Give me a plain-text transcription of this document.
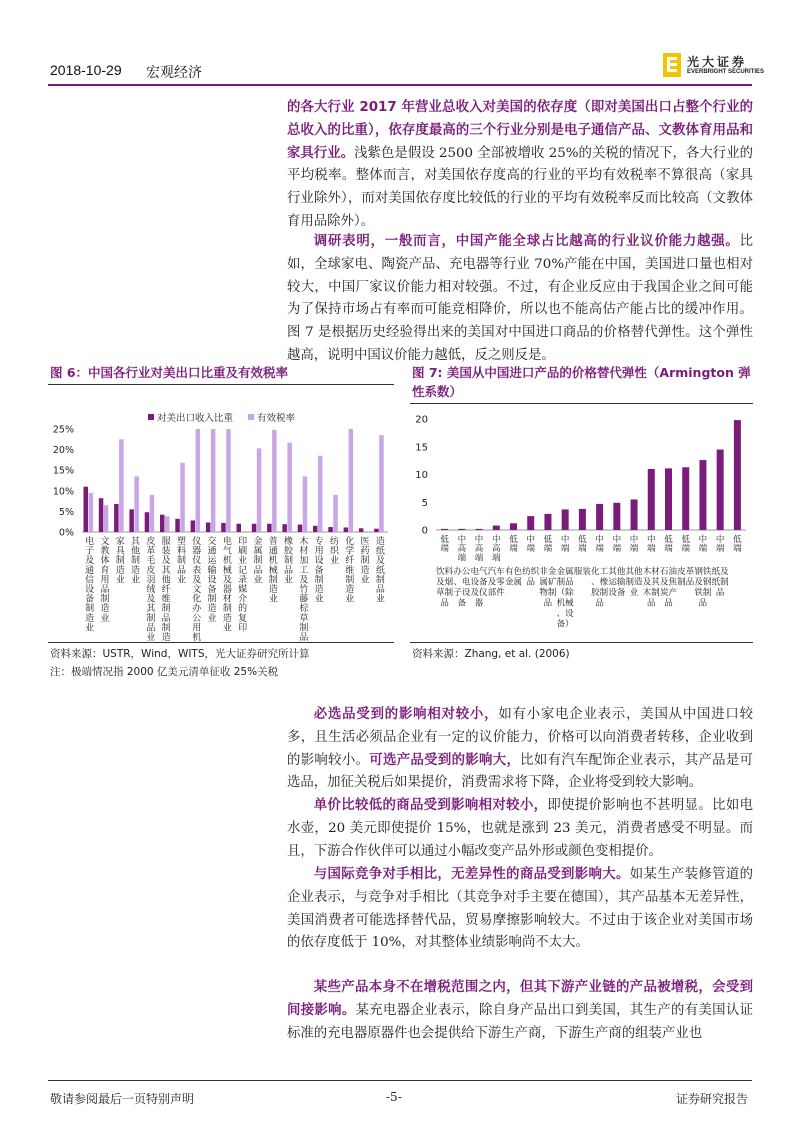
2018-10-29 宏观经济
光大证券
EVERBRIGHT SECURITIES

的各大行业 2017 年营业总收入对美国的依存度（即对美国出口占整个行业的总收入的比重），依存度最高的三个行业分别是电子通信产品、文教体育用品和家具行业。浅紫色是假设 2500 全部被增收 25%的关税的情况下，各大行业的平均税率。整体而言，对美国依存度高的行业的平均有效税率不算很高（家具行业除外），而对美国依存度比较低的行业的平均有效税率反而比较高（文教体育用品除外）。

调研表明，一般而言，中国产能全球占比越高的行业议价能力越强。比如，全球家电、陶瓷产品、充电器等行业 70%产能在中国，美国进口量也相对较大，中国厂家议价能力相对较强。不过，有企业反应由于我国企业之间可能为了保持市场占有率而可能竞相降价，所以也不能高估产能占比的缓冲作用。图 7 是根据历史经验得出来的美国对中国进口商品的价格替代弹性。这个弹性越高，说明中国议价能力越低，反之则反是。

图 6：中国各行业对美出口比重及有效税率
对美出口收入比重	有效税率
0%
5%
10%
15%
20%
25%
电子及通信设备制造业
文教体育用品制造业
家具制造业
其他制造业
皮革毛皮羽绒及其制品业
服装及其他纤维制品制造
塑料制品业
仪器仪表及文化办公用机
交通运输设备制造业
电气机械及器材制造业
印刷业记录媒介的复印
金属制品业
普通机械制造业
橡胶制品业
木材加工及竹藤棕草制品
专用设备制造业
纺织业
化学纤维制造业
医药制造业
造纸及纸制品业
资料来源：USTR，Wind，WITS，光大证券研究所计算
注：极端情况指 2000 亿美元清单征收 25%关税
图 7: 美国从中国进口产品的价格替代弹性（Armington 弹性系数）
0
5
10
15
20
低端
中高端
中高端
中高端
低端
中端
低端
中端
低端
中端
中端
中端
中端
低端
低端
中端
中端
低端
饮料及烟草制品
办公、电子设备
电气设备及仪器
汽车及零部件
有色金属
纺织品
非金属矿物制品
金属制品（除机械、设备）
服装 化工、橡胶制品
其他运输设备
其他制造业
木材及其木制品
石油及焦炭产品
皮革制品
钢铁及钢铁制品
纸及纸制品
资料来源：Zhang, et al. (2006)

必选品受到的影响相对较小，如有小家电企业表示，美国从中国进口较多，且生活必须品企业有一定的议价能力，价格可以向消费者转移，企业收到的影响较小。可选产品受到的影响大，比如有汽车配饰企业表示，其产品是可选品，加征关税后如果提价，消费需求将下降，企业将受到较大影响。

单价比较低的商品受到影响相对较小，即使提价影响也不甚明显。比如电水壶，20 美元即使提价 15%，也就是涨到 23 美元，消费者感受不明显。而且，下游合作伙伴可以通过小幅改变产品外形或颜色变相提价。

与国际竞争对手相比，无差异性的商品受到影响大。如某生产装修管道的企业表示，与竞争对手相比（其竞争对手主要在德国），其产品基本无差异性，美国消费者可能选择替代品，贸易摩擦影响较大。不过由于该企业对美国市场的依存度低于 10%，对其整体业绩影响尚不太大。

某些产品本身不在增税范围之内，但其下游产业链的产品被增税，会受到间接影响。某充电器企业表示，除自身产品出口到美国，其生产的有美国认证标准的充电器原器件也会提供给下游生产商，下游生产商的组装产业也

敬请参阅最后一页特别声明	-5-	证券研究报告
